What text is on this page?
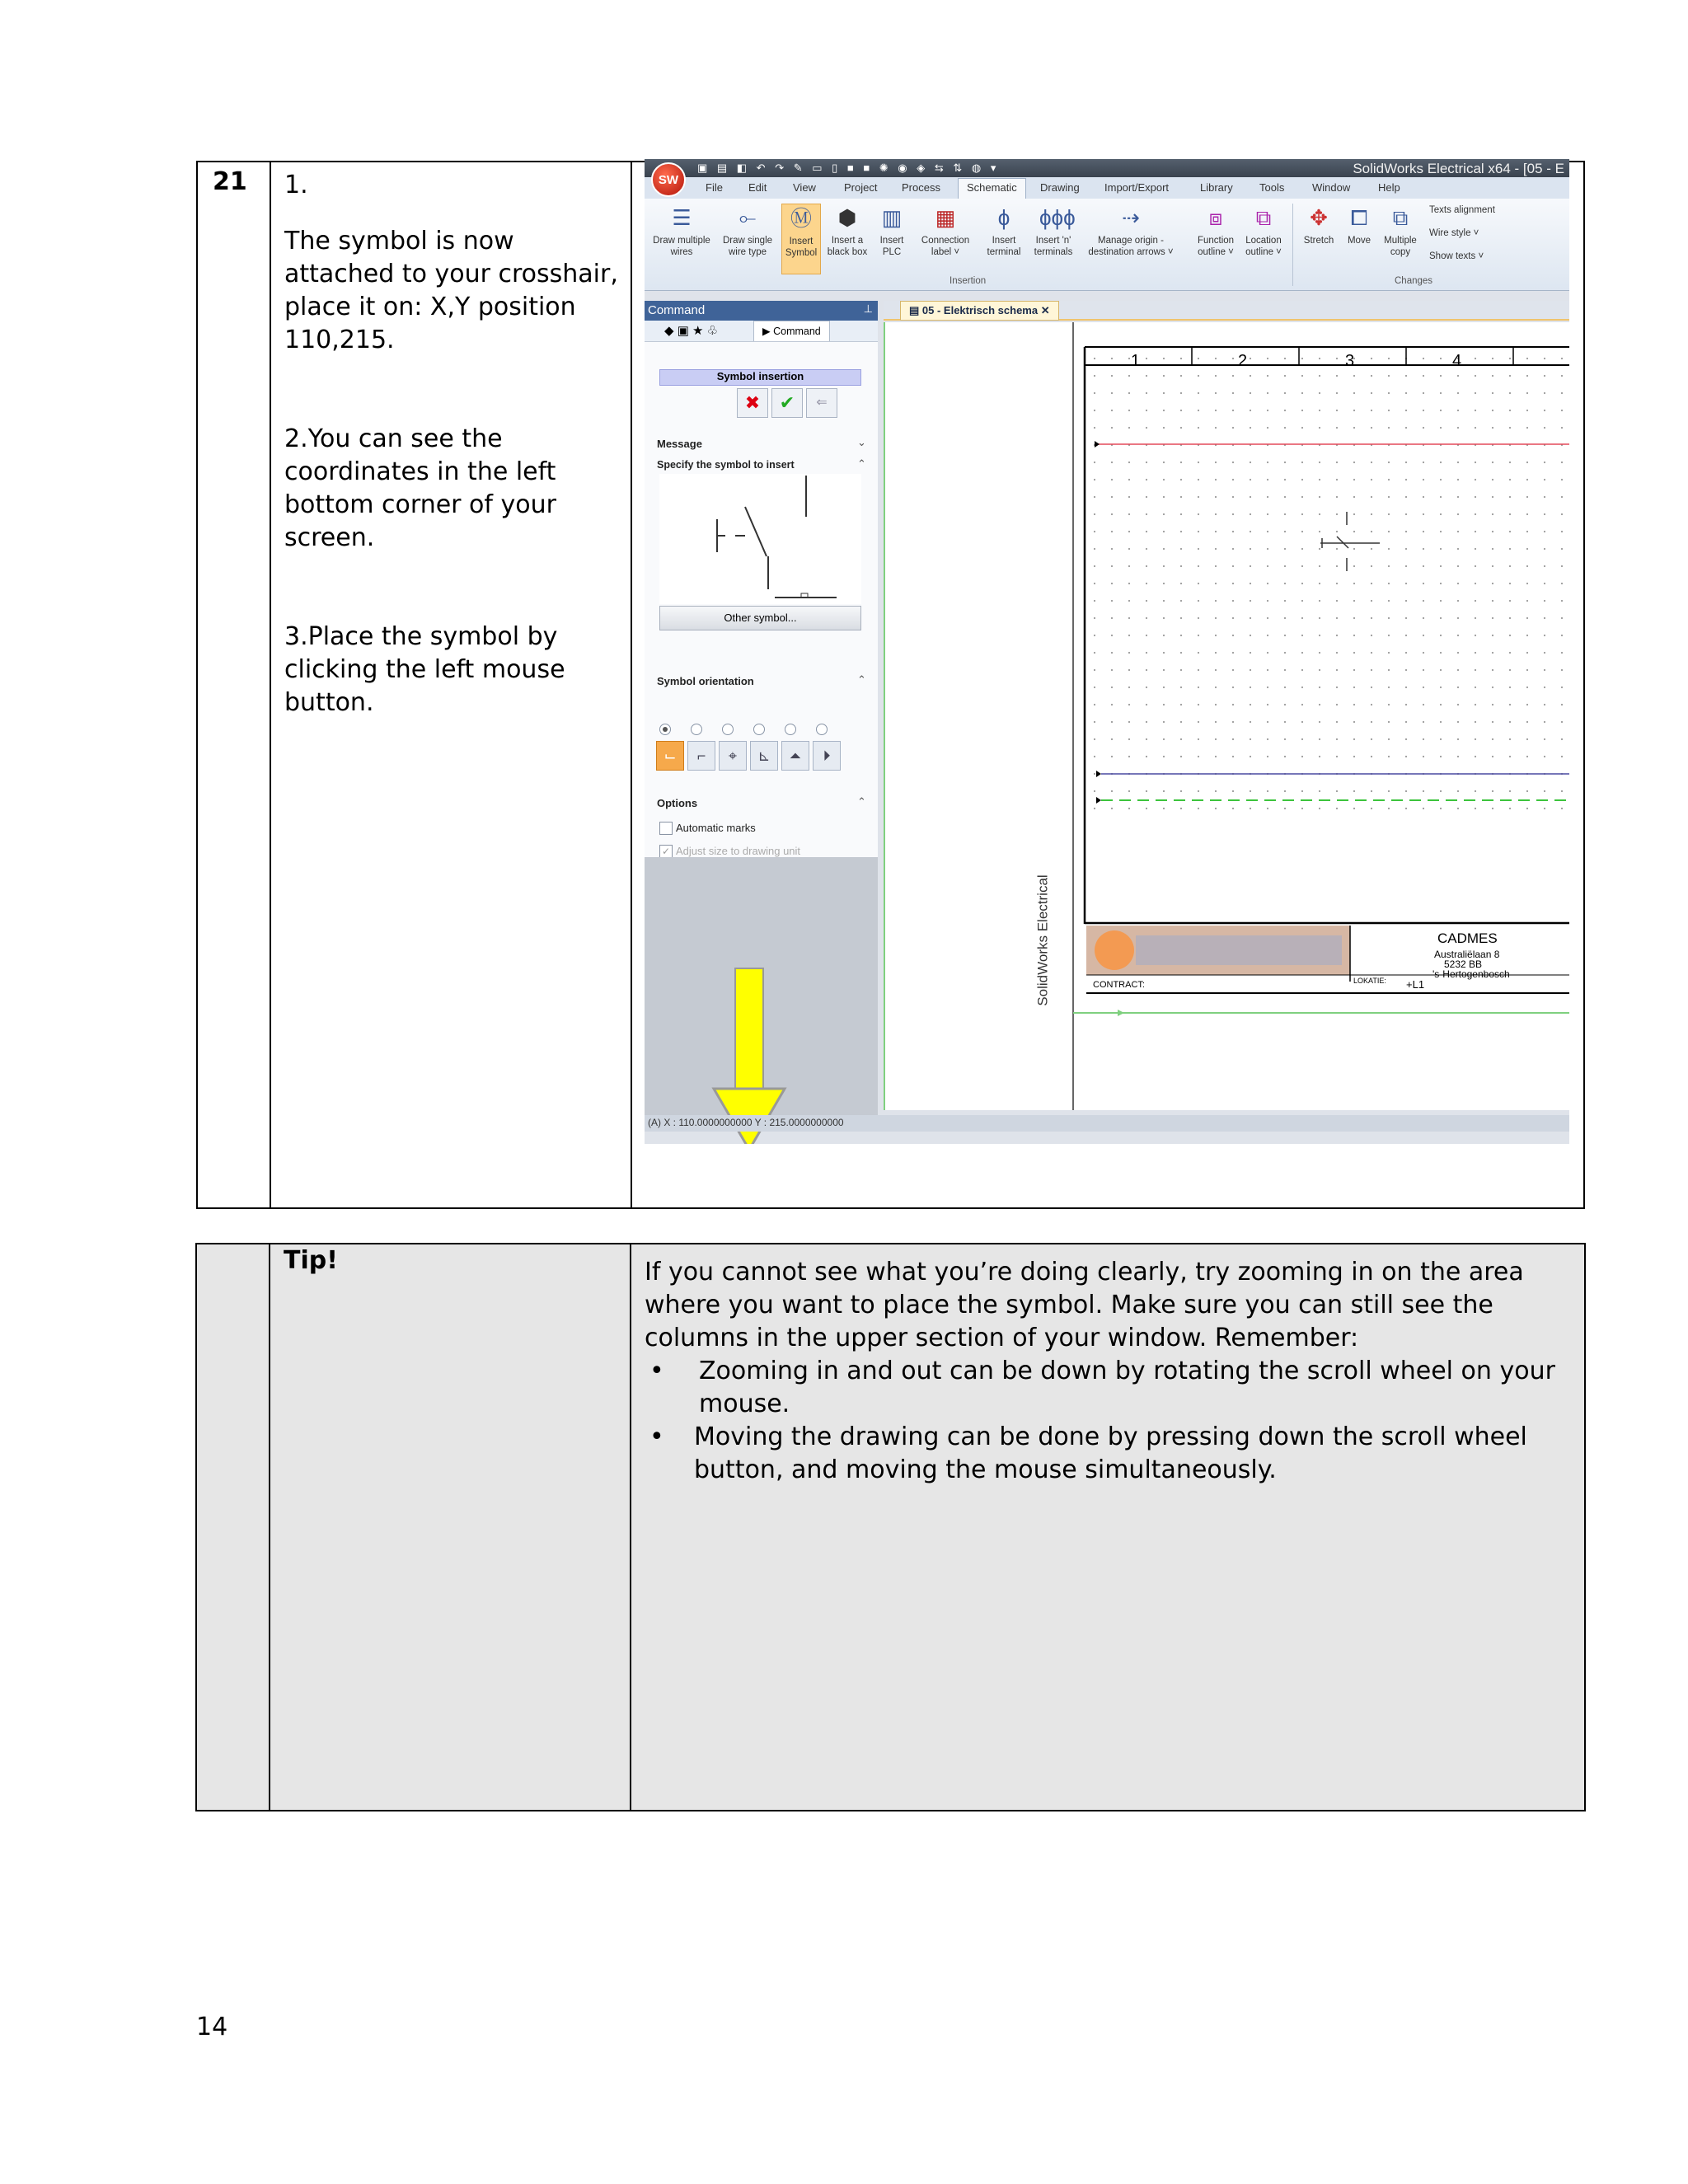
21 1.

The symbol is now attached to your crosshair, place it on: X,Y position 110,215.

2.You can see the coordinates in the left bottom corner of your screen.

3.Place the symbol by clicking the left mouse button.

▣ ▤ ◧ ↶ ↷ ✎ ▭ ▯ ■ ■ ✺ ◉ ◈ ⇆ ⇅ ◍ ▾	SolidWorks Electrical x64 - [05 - E
SW
File Edit View	Project Process	Schematic	Drawing Import/Export	Library Tools	Window	Help
☰
Draw multiple
wires
⟜
Draw single
wire type
Ⓜ
Insert
Symbol
⬢
Insert a
black box
▥
Insert
PLC
▦
Connection
label ˅
ϕ
Insert
terminal
ϕϕϕ
Insert 'n'
terminals
⇢
Manage origin -
destination arrows ˅
⧈
Function
outline ˅
⧉
Location
outline ˅
✥
Stretch
⧠
Move
⧉
Multiple
copy
Texts alignment
Wire style ˅
Show texts ˅
Insertion	Changes
Command	⊥
◆ ▣ ★ ♧	▶ Command
Symbol insertion
✖	✔	⇐
Message	⌄
Specify the symbol to insert	⌃
Other symbol...
Symbol orientation	⌃
⌙	⌐	⌖	⊾	⏶	⏵
Options	⌃
Automatic marks
✓ Adjust size to drawing unit
▤ 05 - Elektrisch schema ✕
1	2	3	4
SolidWorks Electrical	CADMES
Australiëlaan 8
5232 BB
's-Hertogenbosch
CONTRACT:	LOKATIE: +L1
(A) X : 110.0000000000 Y : 215.0000000000
Tip!	If you cannot see what you’re doing clearly, try zooming in on the area where you want to place the symbol. Make sure you can still see the columns in the upper section of your window. Remember:

• Zooming in and out can be down by rotating the scroll wheel on your mouse.

• Moving the drawing can be done by pressing down the scroll wheel button, and moving the mouse simultaneously.

14
